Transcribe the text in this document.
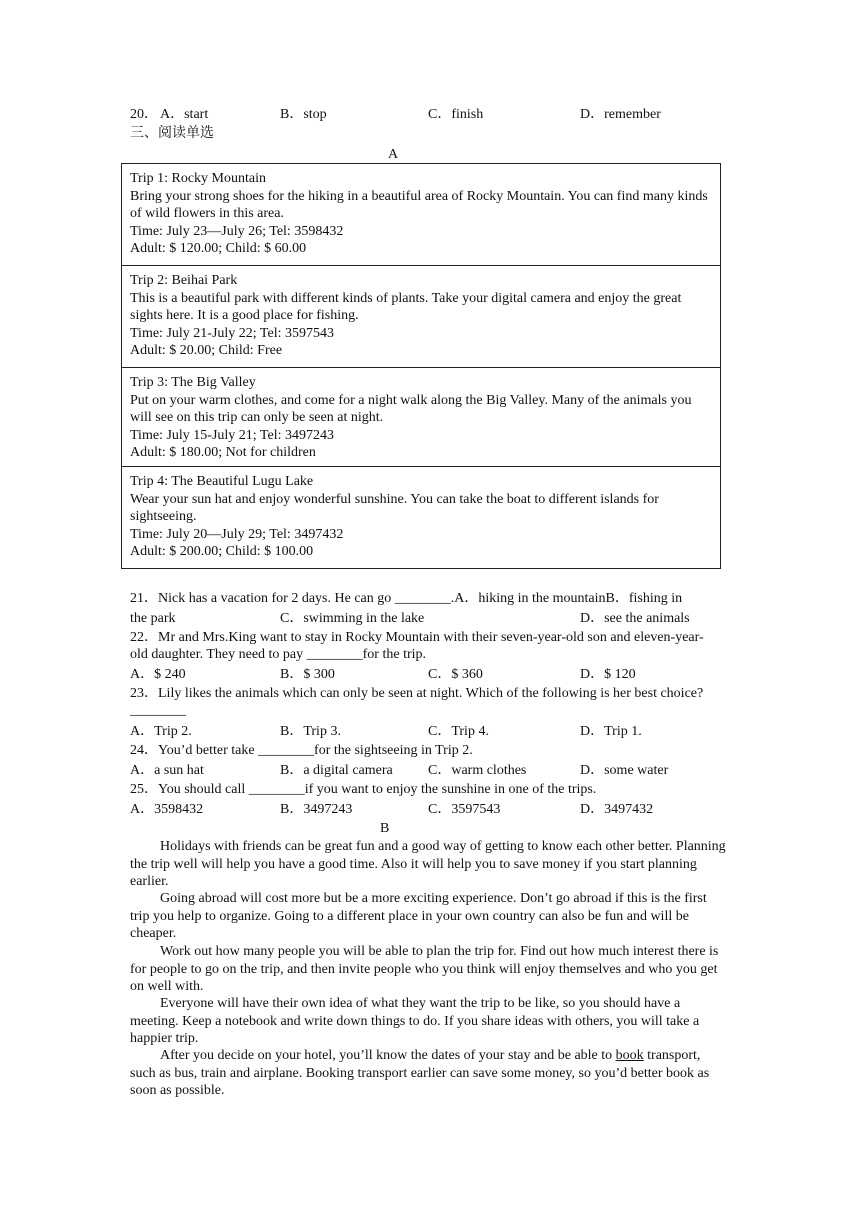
20． A．start	B．stop	C．finish	D．remember
三、阅读单选
A
Trip 1: Rocky Mountain
Bring your strong shoes for the hiking in a beautiful area of Rocky Mountain. You can find many kinds of wild flowers in this area.
Time: July 23—July 26; Tel: 3598432
Adult: $ 120.00; Child: $ 60.00
Trip 2: Beihai Park
This is a beautiful park with different kinds of plants. Take your digital camera and enjoy the great sights here. It is a good place for fishing.
Time: July 21-July 22; Tel: 3597543
Adult: $ 20.00; Child: Free
Trip 3: The Big Valley
Put on your warm clothes, and come for a night walk along the Big Valley. Many of the animals you will see on this trip can only be seen at night.
Time: July 15-July 21; Tel: 3497243
Adult: $ 180.00; Not for children
Trip 4: The Beautiful Lugu Lake
Wear your sun hat and enjoy wonderful sunshine. You can take the boat to different islands for sightseeing.
Time: July 20—July 29; Tel: 3497432
Adult: $ 200.00; Child: $ 100.00
21．Nick has a vacation for 2 days. He can go ________.A．hiking in the mountainB．fishing in
the park	C．swimming in the lake	D．see the animals
22．Mr and Mrs.King want to stay in Rocky Mountain with their seven-year-old son and eleven-year-old daughter. They need to pay ________for the trip.
A．$ 240	B．$ 300	C．$ 360	D．$ 120
23．Lily likes the animals which can only be seen at night. Which of the following is her best choice? ________
A．Trip 2.	B．Trip 3.	C．Trip 4.	D．Trip 1.
24．You’d better take ________for the sightseeing in Trip 2.
A．a sun hat	B．a digital camera	C．warm clothes	D．some water
25．You should call ________if you want to enjoy the sunshine in one of the trips.
A．3598432	B．3497243	C．3597543	D．3497432
B
Holidays with friends can be great fun and a good way of getting to know each other better. Planning the trip well will help you have a good time. Also it will help you to save money if you start planning earlier.
Going abroad will cost more but be a more exciting experience. Don’t go abroad if this is the first trip you help to organize. Going to a different place in your own country can also be fun and will be cheaper.
Work out how many people you will be able to plan the trip for. Find out how much interest there is for people to go on the trip, and then invite people who you think will enjoy themselves and who you get on well with.
Everyone will have their own idea of what they want the trip to be like, so you should have a meeting. Keep a notebook and write down things to do. If you share ideas with others, you will take a happier trip.
After you decide on your hotel, you’ll know the dates of your stay and be able to book transport, such as bus, train and airplane. Booking transport earlier can save some money, so you’d better book as soon as possible.
